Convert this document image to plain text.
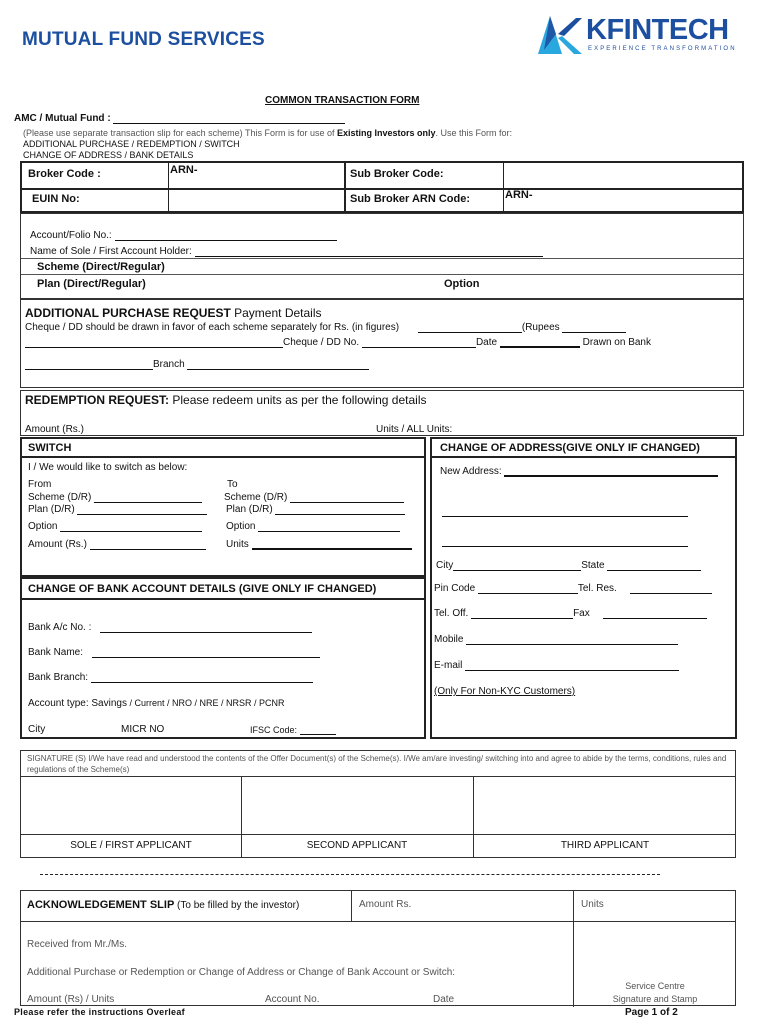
MUTUAL FUND SERVICES	KFINTECH
EXPERIENCE TRANSFORMATION
COMMON TRANSACTION FORM
AMC / Mutual Fund :
(Please use separate transaction slip for each scheme) This Form is for use of Existing Investors only. Use this Form for:
ADDITIONAL PURCHASE / REDEMPTION / SWITCH
CHANGE OF ADDRESS / BANK DETAILS
Broker Code :	ARN-	Sub Broker Code:
EUIN No:	Sub Broker ARN Code:	ARN-
Account/Folio No.:
Name of Sole / First Account Holder:
Scheme (Direct/Regular)
Plan (Direct/Regular)	Option
ADDITIONAL PURCHASE REQUEST Payment Details
Cheque / DD should be drawn in favor of each scheme separately for Rs. (in figures)	(Rupees
Cheque / DD No.	Date	Drawn on Bank
Branch
REDEMPTION REQUEST: Please redeem units as per the following details
Amount (Rs.)	Units / ALL Units:
SWITCH
I / We would like to switch as below:
From	To
Scheme (D/R)	Scheme (D/R)
Plan (D/R)	Plan (D/R)
Option	Option
Amount (Rs.)	Units
CHANGE OF ADDRESS(GIVE ONLY IF CHANGED)
New Address:
City	State
Pin Code	Tel. Res.
Tel. Off.	Fax
Mobile
E-mail
(Only For Non-KYC Customers)
CHANGE OF BANK ACCOUNT DETAILS (GIVE ONLY IF CHANGED)
Bank A/c No. :
Bank Name:
Bank Branch:
Account type: Savings / Current / NRO / NRE / NRSR / PCNR
City	MICR NO	IFSC Code:
SIGNATURE (S) I/We have read and understood the contents of the Offer Document(s) of the Scheme(s). I/We am/are investing/ switching into and agree to abide by the terms, conditions, rules and regulations of the Scheme(s)
SOLE / FIRST APPLICANT	SECOND APPLICANT	THIRD APPLICANT
ACKNOWLEDGEMENT SLIP (To be filled by the investor)	Amount Rs.	Units
Received from Mr./Ms.
Additional Purchase or Redemption or Change of Address or Change of Bank Account or Switch:
Service Centre
Signature and Stamp
Amount (Rs) / Units	Account No.	Date
Please refer the instructions Overleaf	Page 1 of 2
